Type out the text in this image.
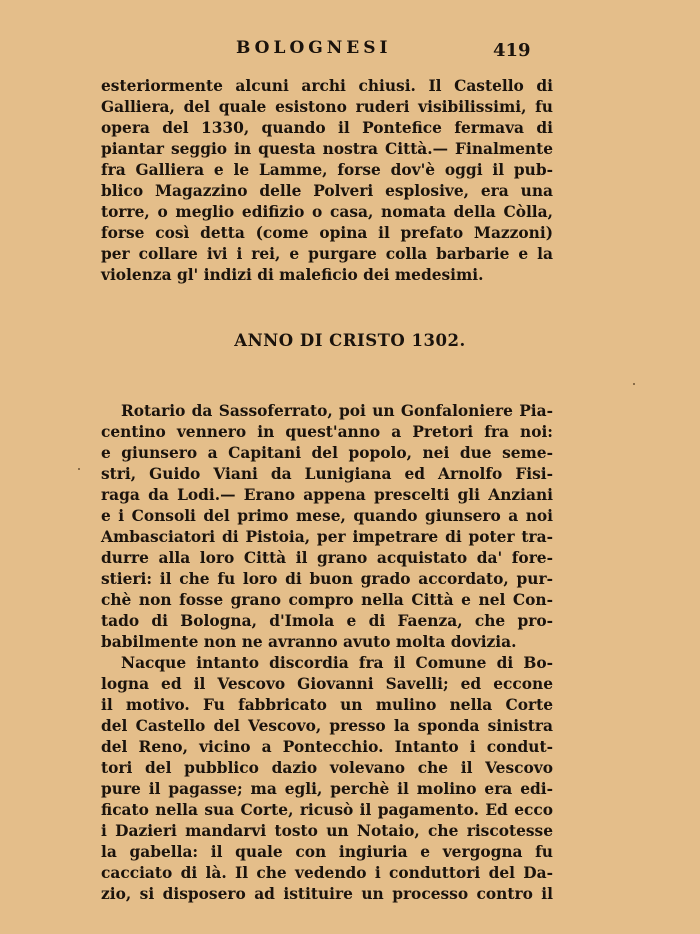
BOLOGNESI	419
esteriormente alcuni archi chiusi. Il Castello di
Galliera, del quale esistono ruderi visibilissimi, fu
opera del 1330, quando il Pontefice fermava di
piantar seggio in questa nostra Città.— Finalmente
fra Galliera e le Lamme, forse dov'è oggi il pub-
blico Magazzino delle Polveri esplosive, era una
torre, o meglio edifizio o casa, nomata della Còlla,
forse così detta (come opina il prefato Mazzoni)
per collare ivi i rei, e purgare colla barbarie e la
violenza gl' indizi di maleficio dei medesimi.
ANNO DI CRISTO 1302.
Rotario da Sassoferrato, poi un Gonfaloniere Pia-
centino vennero in quest'anno a Pretori fra noi:
e giunsero a Capitani del popolo, nei due seme-
stri, Guido Viani da Lunigiana ed Arnolfo Fisi-
raga da Lodi.— Erano appena prescelti gli Anziani
e i Consoli del primo mese, quando giunsero a noi
Ambasciatori di Pistoia, per impetrare di poter tra-
durre alla loro Città il grano acquistato da' fore-
stieri: il che fu loro di buon grado accordato, pur-
chè non fosse grano compro nella Città e nel Con-
tado di Bologna, d'Imola e di Faenza, che pro-
babilmente non ne avranno avuto molta dovizia.
Nacque intanto discordia fra il Comune di Bo-
logna ed il Vescovo Giovanni Savelli; ed eccone
il motivo. Fu fabbricato un mulino nella Corte
del Castello del Vescovo, presso la sponda sinistra
del Reno, vicino a Pontecchio. Intanto i condut-
tori del pubblico dazio volevano che il Vescovo
pure il pagasse; ma egli, perchè il molino era edi-
ficato nella sua Corte, ricusò il pagamento. Ed ecco
i Dazieri mandarvi tosto un Notaio, che riscotesse
la gabella: il quale con ingiuria e vergogna fu
cacciato di là. Il che vedendo i conduttori del Da-
zio, si disposero ad istituire un processo contro il
